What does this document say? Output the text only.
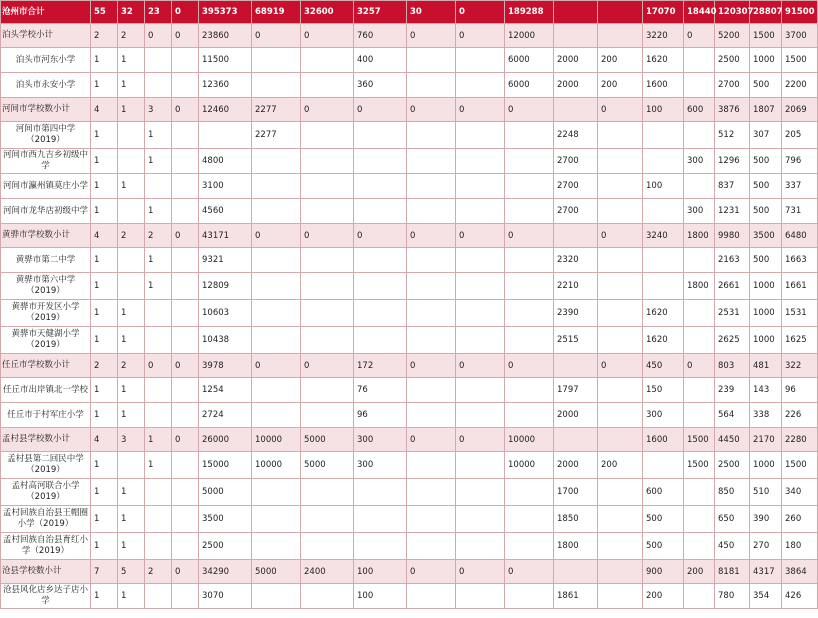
沧州市合计	55	32	23	0	395373	68919	32600	3257	30	0	189288			17070	18440	120307	28807	91500
泊头学校小计	2	2	0	0	23860	0	0	760	0	0	12000			3220	0	5200	1500	3700
泊头市河东小学	1	1			11500			400			6000	2000	200	1620		2500	1000	1500
泊头市永安小学	1	1			12360			360			6000	2000	200	1600		2700	500	2200
河间市学校数小计	4	1	3	0	12460	2277	0	0	0	0	0		0	100	600	3876	1807	2069
河间市第四中学（2019）	1		1			2277						2248				512	307	205
河间市西九吉乡初级中学	1		1		4800							2700			300	1296	500	796
河间市瀛州镇莫庄小学	1	1			3100							2700		100		837	500	337
河间市龙华店初级中学	1		1		4560							2700			300	1231	500	731
黄骅市学校数小计	4	2	2	0	43171	0	0	0	0	0	0		0	3240	1800	9980	3500	6480
黄骅市第二中学	1		1		9321							2320				2163	500	1663
黄骅市第六中学（2019）	1		1		12809							2210			1800	2661	1000	1661
黄骅市开发区小学（2019）	1	1			10603							2390		1620		2531	1000	1531
黄骅市天健湖小学（2019）	1	1			10438							2515		1620		2625	1000	1625
任丘市学校数小计	2	2	0	0	3978	0	0	172	0	0	0		0	450	0	803	481	322
任丘市出岸镇北一学校	1	1			1254			76				1797		150		239	143	96
任丘市于村军庄小学	1	1			2724			96				2000		300		564	338	226
孟村县学校数小计	4	3	1	0	26000	10000	5000	300	0	0	10000			1600	1500	4450	2170	2280
孟村县第二回民中学（2019）	1		1		15000	10000	5000	300			10000	2000	200		1500	2500	1000	1500
孟村高河联合小学（2019）	1	1			5000							1700		600		850	510	340
孟村回族自治县王帽圈小学（2019）	1	1			3500							1850		500		650	390	260
孟村回族自治县育红小学（2019）	1	1			2500							1800		500		450	270	180
沧县学校数小计	7	5	2	0	34290	5000	2400	100	0	0	0			900	200	8181	4317	3864
沧县风化店乡达子店小学	1	1			3070			100				1861		200		780	354	426
